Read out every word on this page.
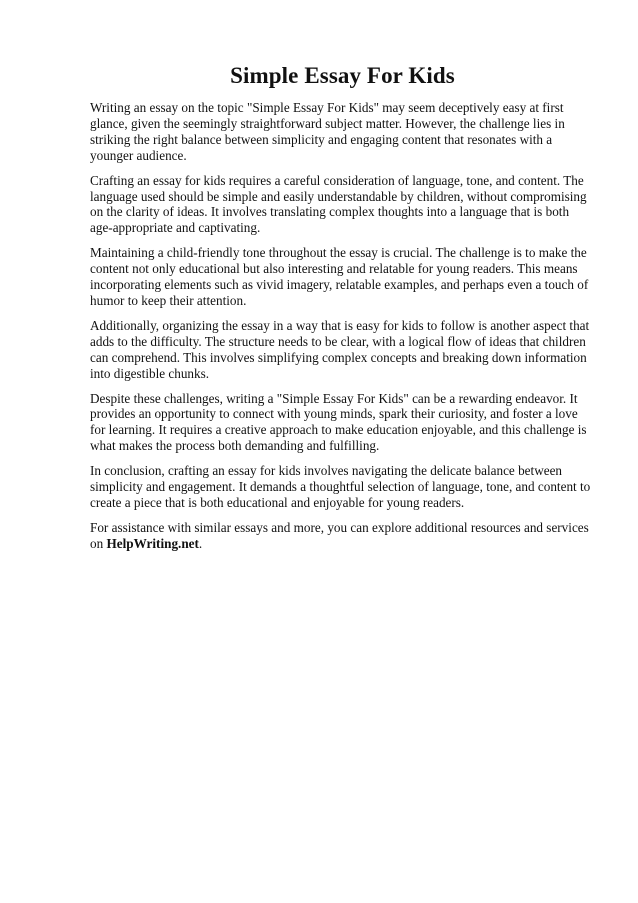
Simple Essay For Kids

Writing an essay on the topic "Simple Essay For Kids" may seem deceptively easy at first glance, given the seemingly straightforward subject matter. However, the challenge lies in striking the right balance between simplicity and engaging content that resonates with a younger audience.

Crafting an essay for kids requires a careful consideration of language, tone, and content. The language used should be simple and easily understandable by children, without compromising on the clarity of ideas. It involves translating complex thoughts into a language that is both age-appropriate and captivating.

Maintaining a child-friendly tone throughout the essay is crucial. The challenge is to make the content not only educational but also interesting and relatable for young readers. This means incorporating elements such as vivid imagery, relatable examples, and perhaps even a touch of humor to keep their attention.

Additionally, organizing the essay in a way that is easy for kids to follow is another aspect that adds to the difficulty. The structure needs to be clear, with a logical flow of ideas that children can comprehend. This involves simplifying complex concepts and breaking down information into digestible chunks.

Despite these challenges, writing a "Simple Essay For Kids" can be a rewarding endeavor. It provides an opportunity to connect with young minds, spark their curiosity, and foster a love for learning. It requires a creative approach to make education enjoyable, and this challenge is what makes the process both demanding and fulfilling.

In conclusion, crafting an essay for kids involves navigating the delicate balance between simplicity and engagement. It demands a thoughtful selection of language, tone, and content to create a piece that is both educational and enjoyable for young readers.

For assistance with similar essays and more, you can explore additional resources and services on HelpWriting.net.
